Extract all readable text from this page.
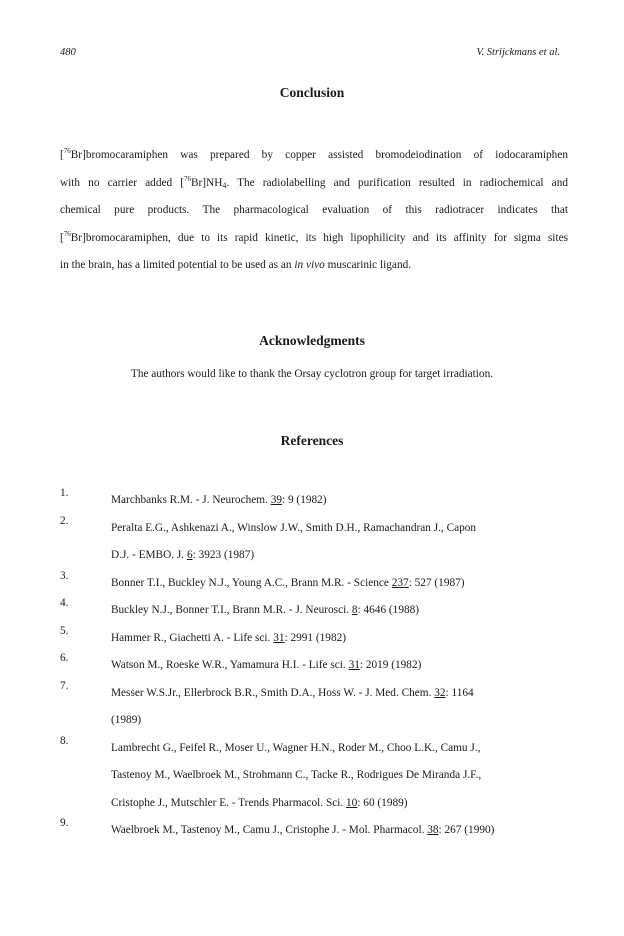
480	V. Strijckmans et al.
Conclusion
[$^{76}$Br]bromocaramiphen was prepared by copper assisted bromodeiodination of iodocaramiphen
with no carrier added $[^{76}Br]NH_4$. The radiolabelling and purification resulted in radiochemical and
chemical pure products. The pharmacological evaluation of this radiotracer indicates that
[$^{76}$Br]bromocaramiphen, due to its rapid kinetic, its high lipophilicity and its affinity for sigma sites
in the brain, has a limited potential to be used as an in vivo muscarinic ligand.
Acknowledgments
The authors would like to thank the Orsay cyclotron group for target irradiation.
References
1.
Marchbanks R.M. - J. Neurochem. 39: 9 (1982)
2.
Peralta E.G., Ashkenazi A., Winslow J.W., Smith D.H., Ramachandran J., Capon
D.J. - EMBO. J. 6: 3923 (1987)
3.
Bonner T.I., Buckley N.J., Young A.C., Brann M.R. - Science 237: 527 (1987)
4.
Buckley N.J., Bonner T.I., Brann M.R. - J. Neurosci. 8: 4646 (1988)
5.
Hammer R., Giachetti A. - Life sci. 31: 2991 (1982)
6.
Watson M., Roeske W.R., Yamamura H.I. - Life sci. 31: 2019 (1982)
7.
Messer W.S.Jr., Ellerbrock B.R., Smith D.A., Hoss W. - J. Med. Chem. 32: 1164
(1989)
8.
Lambrecht G., Feifel R., Moser U., Wagner H.N., Roder M., Choo L.K., Camu J.,
Tastenoy M., Waelbroek M., Strohmann C., Tacke R., Rodrigues De Miranda J.F.,
Cristophe J., Mutschler E. - Trends Pharmacol. Sci. 10: 60 (1989)
9.
Waelbroek M., Tastenoy M., Camu J., Cristophe J. - Mol. Pharmacol. 38: 267 (1990)
